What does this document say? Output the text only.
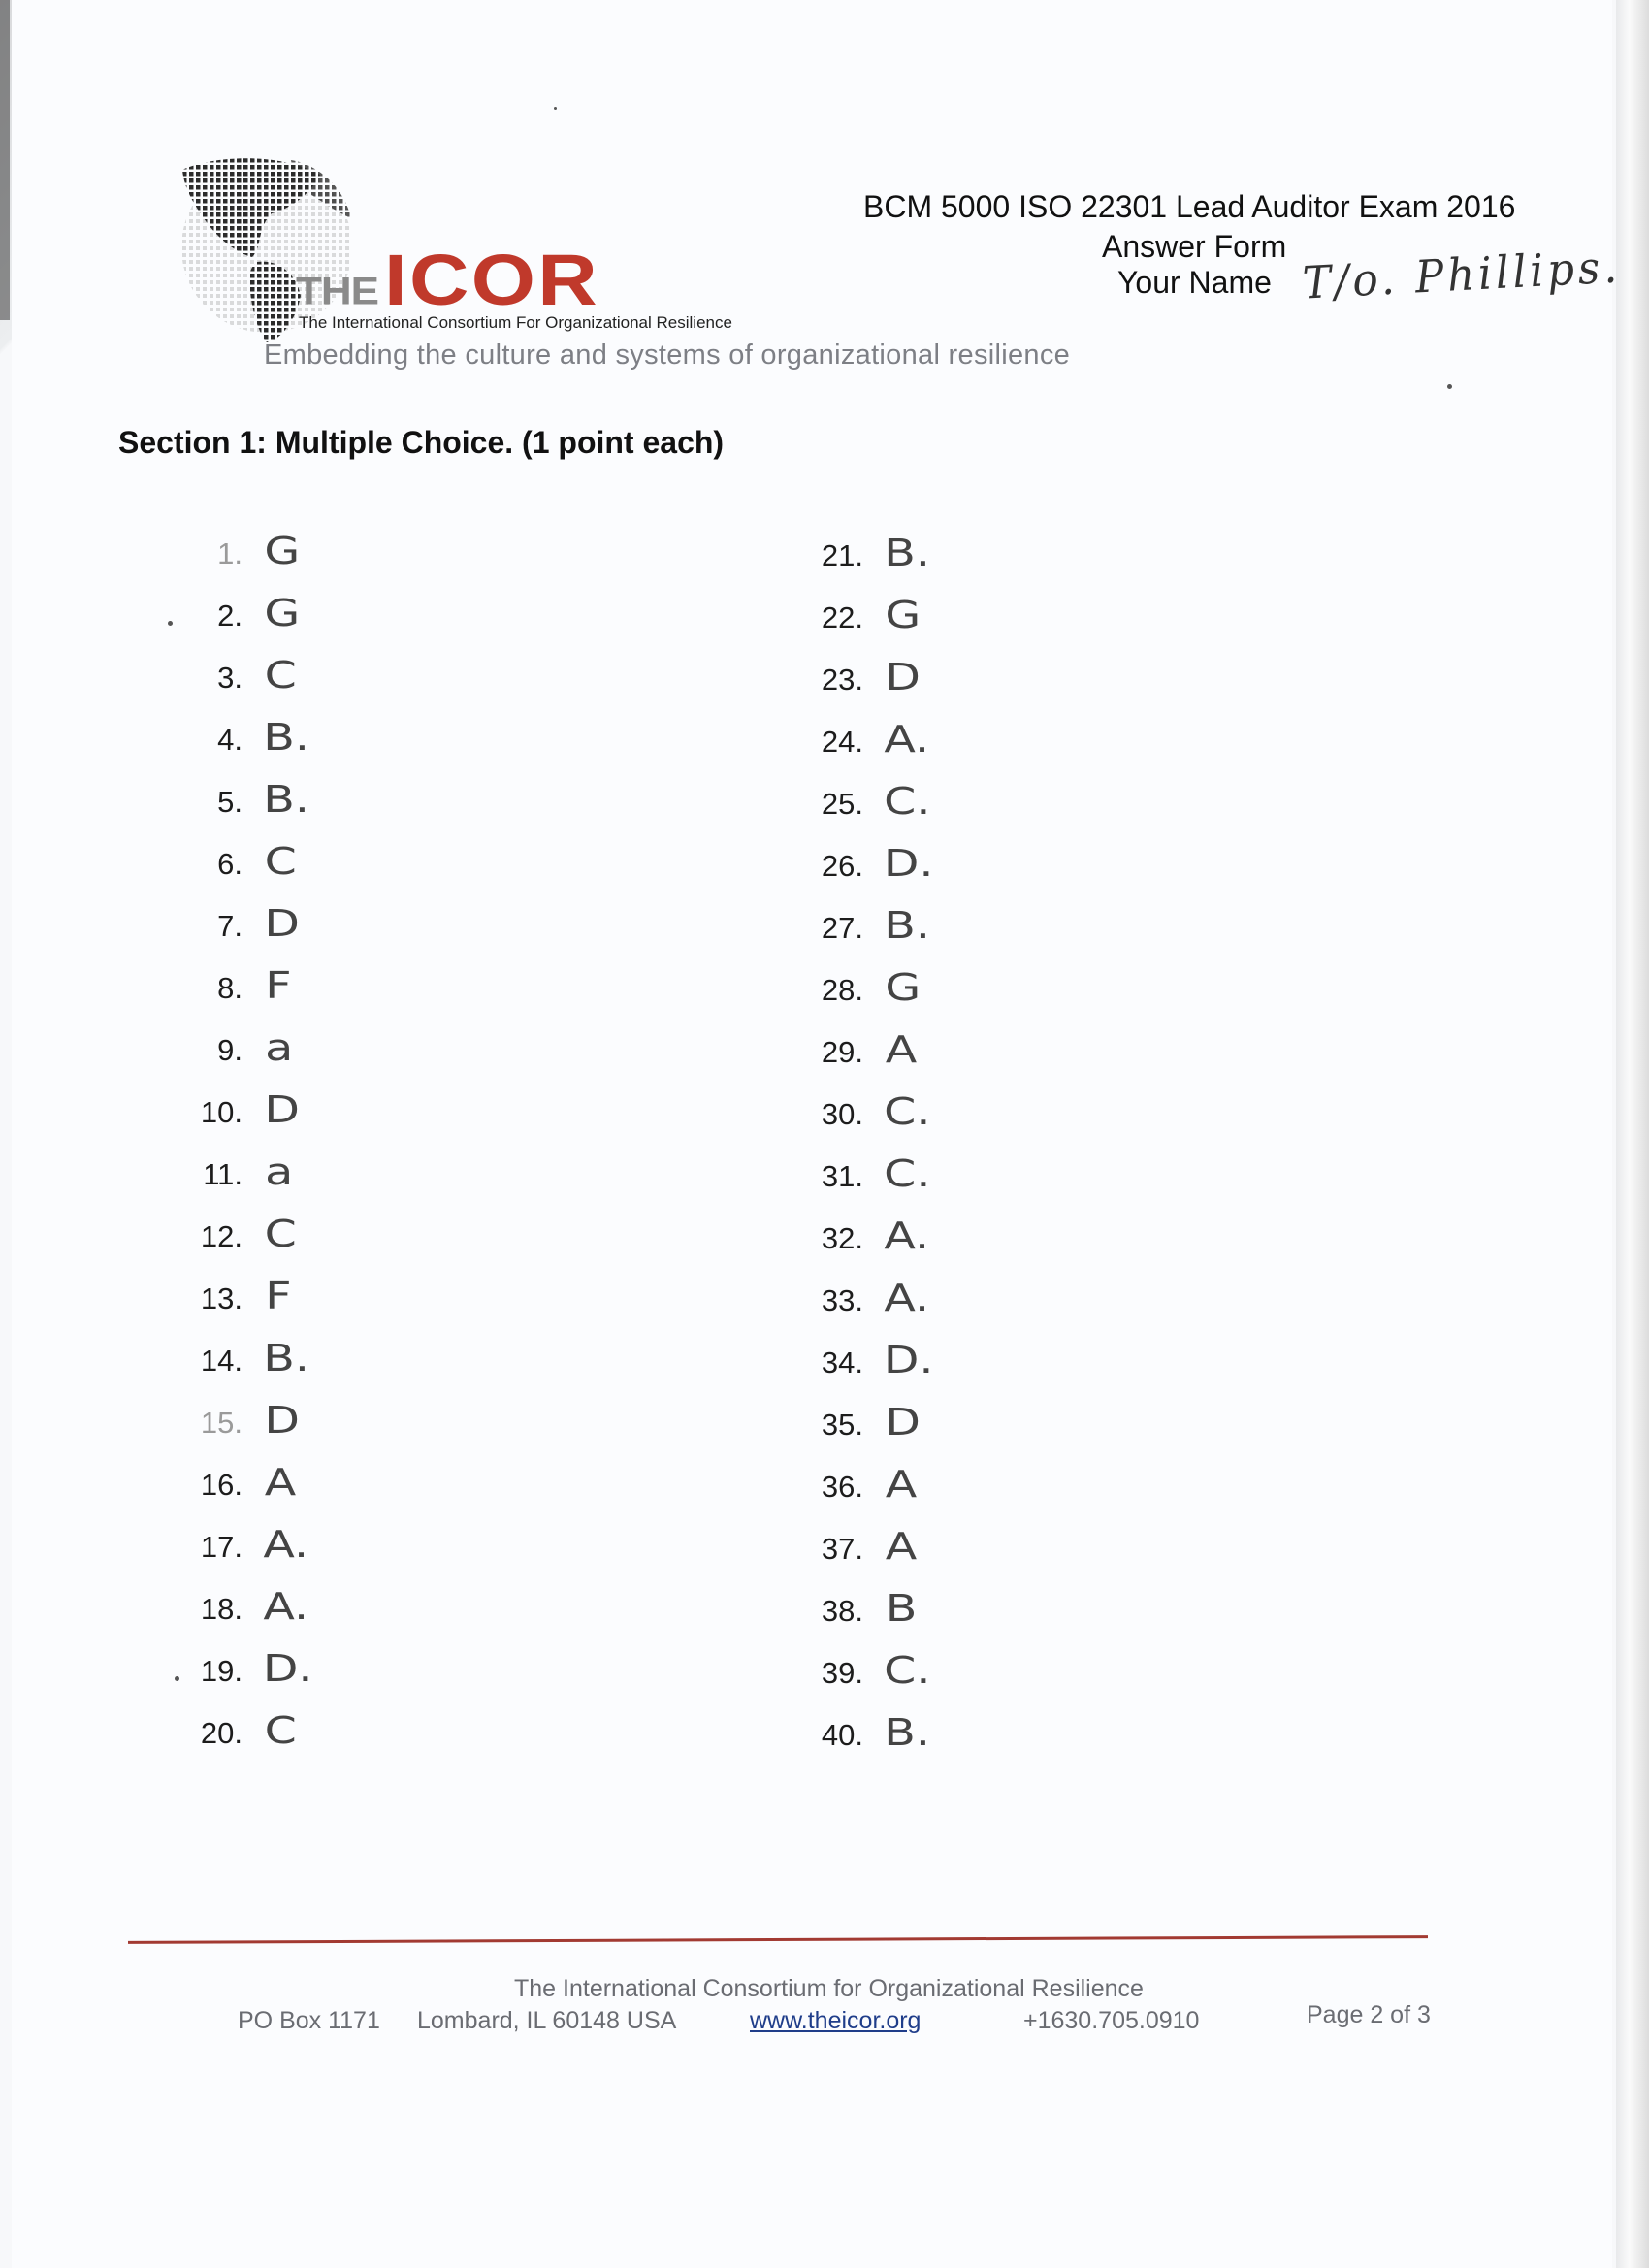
THE ICOR
The International Consortium For Organizational Resilience
Embedding the culture and systems of organizational resilience
BCM 5000 ISO 22301 Lead Auditor Exam 2016
Answer Form
Your Name T/o. Phillips.
Section 1: Multiple Choice. (1 point each)
1. G
2. G
3. C
4. B.
5. B.
6. C
7. D
8. F
9. a
10. D
11. a
12. C
13. F
14. B.
15. D
16. A
17. A.
18. A.
19. D.
20. C
21. B.
22. G
23. D
24. A.
25. C.
26. D.
27. B.
28. G
29. A
30. C.
31. C.
32. A.
33. A.
34. D.
35. D
36. A
37. A
38. B
39. C.
40. B.
The International Consortium for Organizational Resilience
PO Box 1171 Lombard, IL 60148 USA	www.theicor.org	+1630.705.0910	Page 2 of 3
